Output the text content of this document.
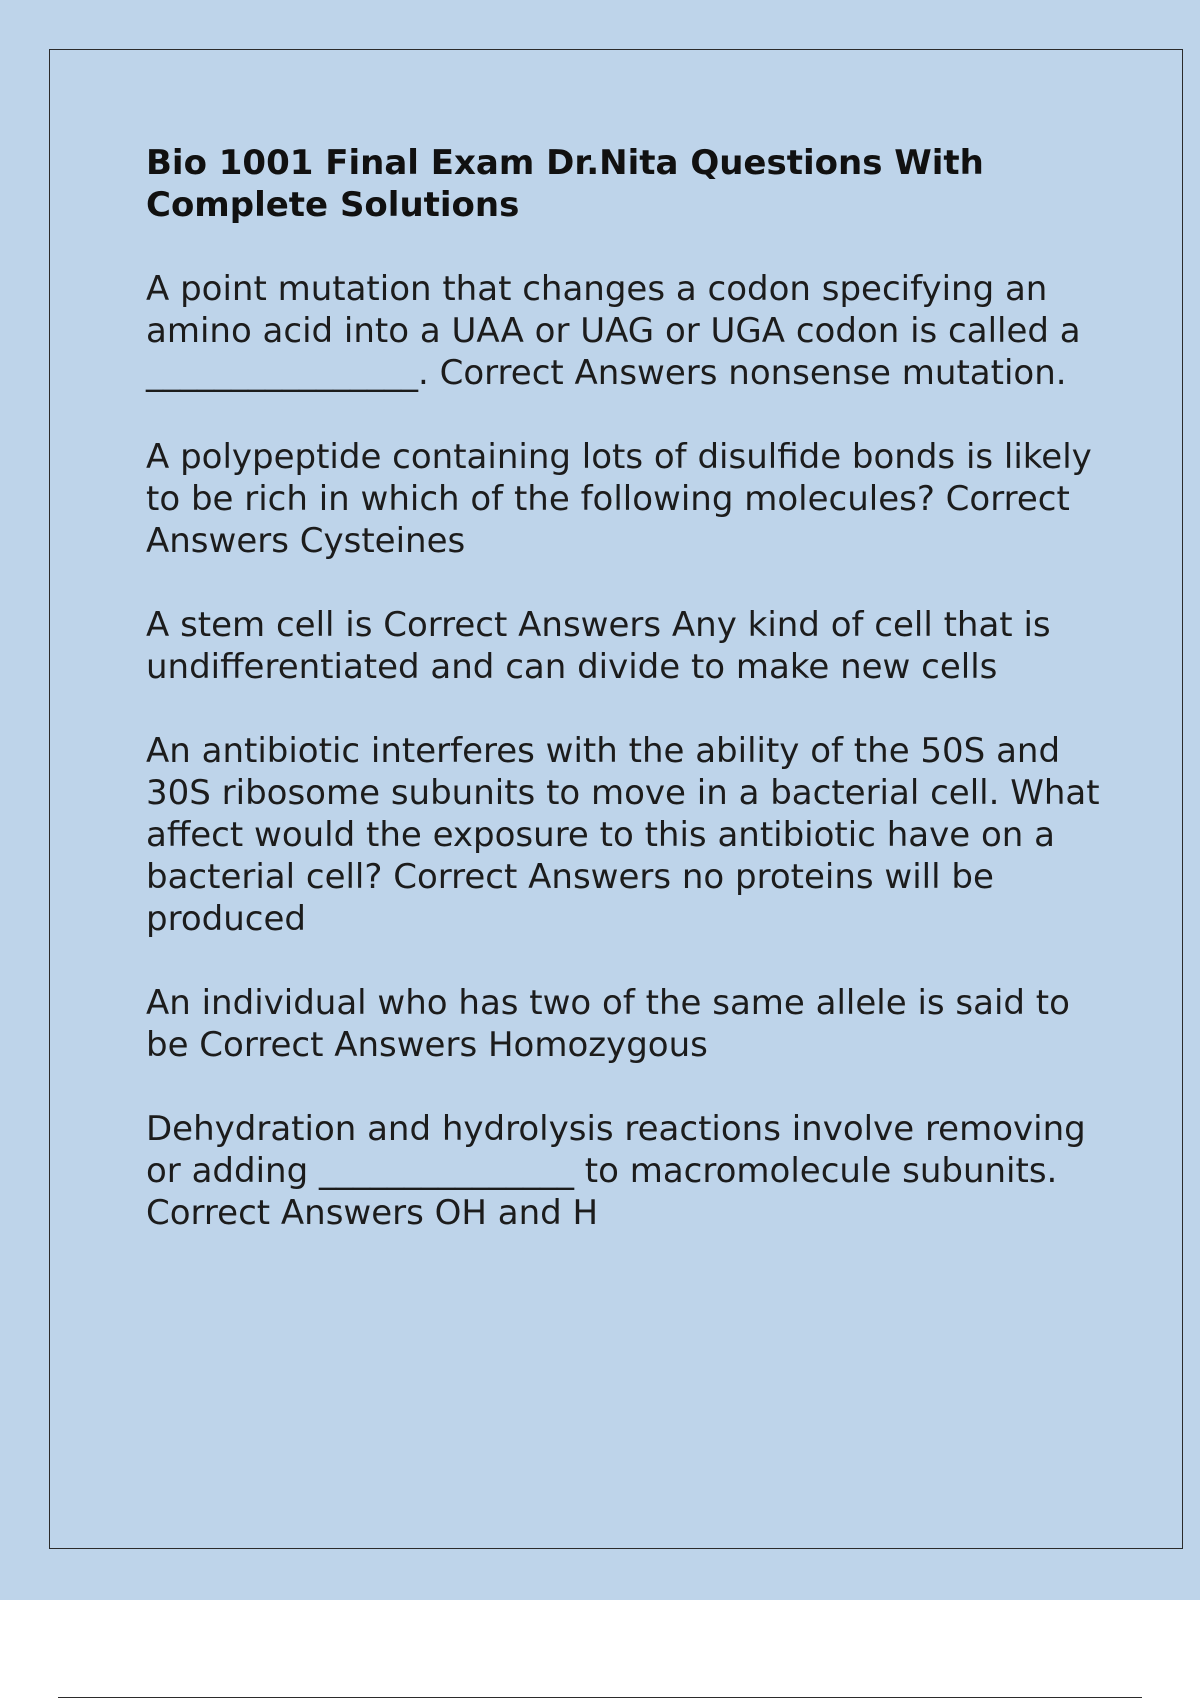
Bio 1001 Final Exam Dr.Nita Questions With Complete Solutions

A point mutation that changes a codon specifying an amino acid into a UAA or UAG or UGA codon is called a ________________. Correct Answers nonsense mutation.

A polypeptide containing lots of disulfide bonds is likely to be rich in which of the following molecules? Correct Answers Cysteines

A stem cell is Correct Answers Any kind of cell that is undifferentiated and can divide to make new cells

An antibiotic interferes with the ability of the 50S and 30S ribosome subunits to move in a bacterial cell. What affect would the exposure to this antibiotic have on a bacterial cell? Correct Answers no proteins will be produced

An individual who has two of the same allele is said to be Correct Answers Homozygous

Dehydration and hydrolysis reactions involve removing or adding _______________ to macromolecule subunits. Correct Answers OH and H
